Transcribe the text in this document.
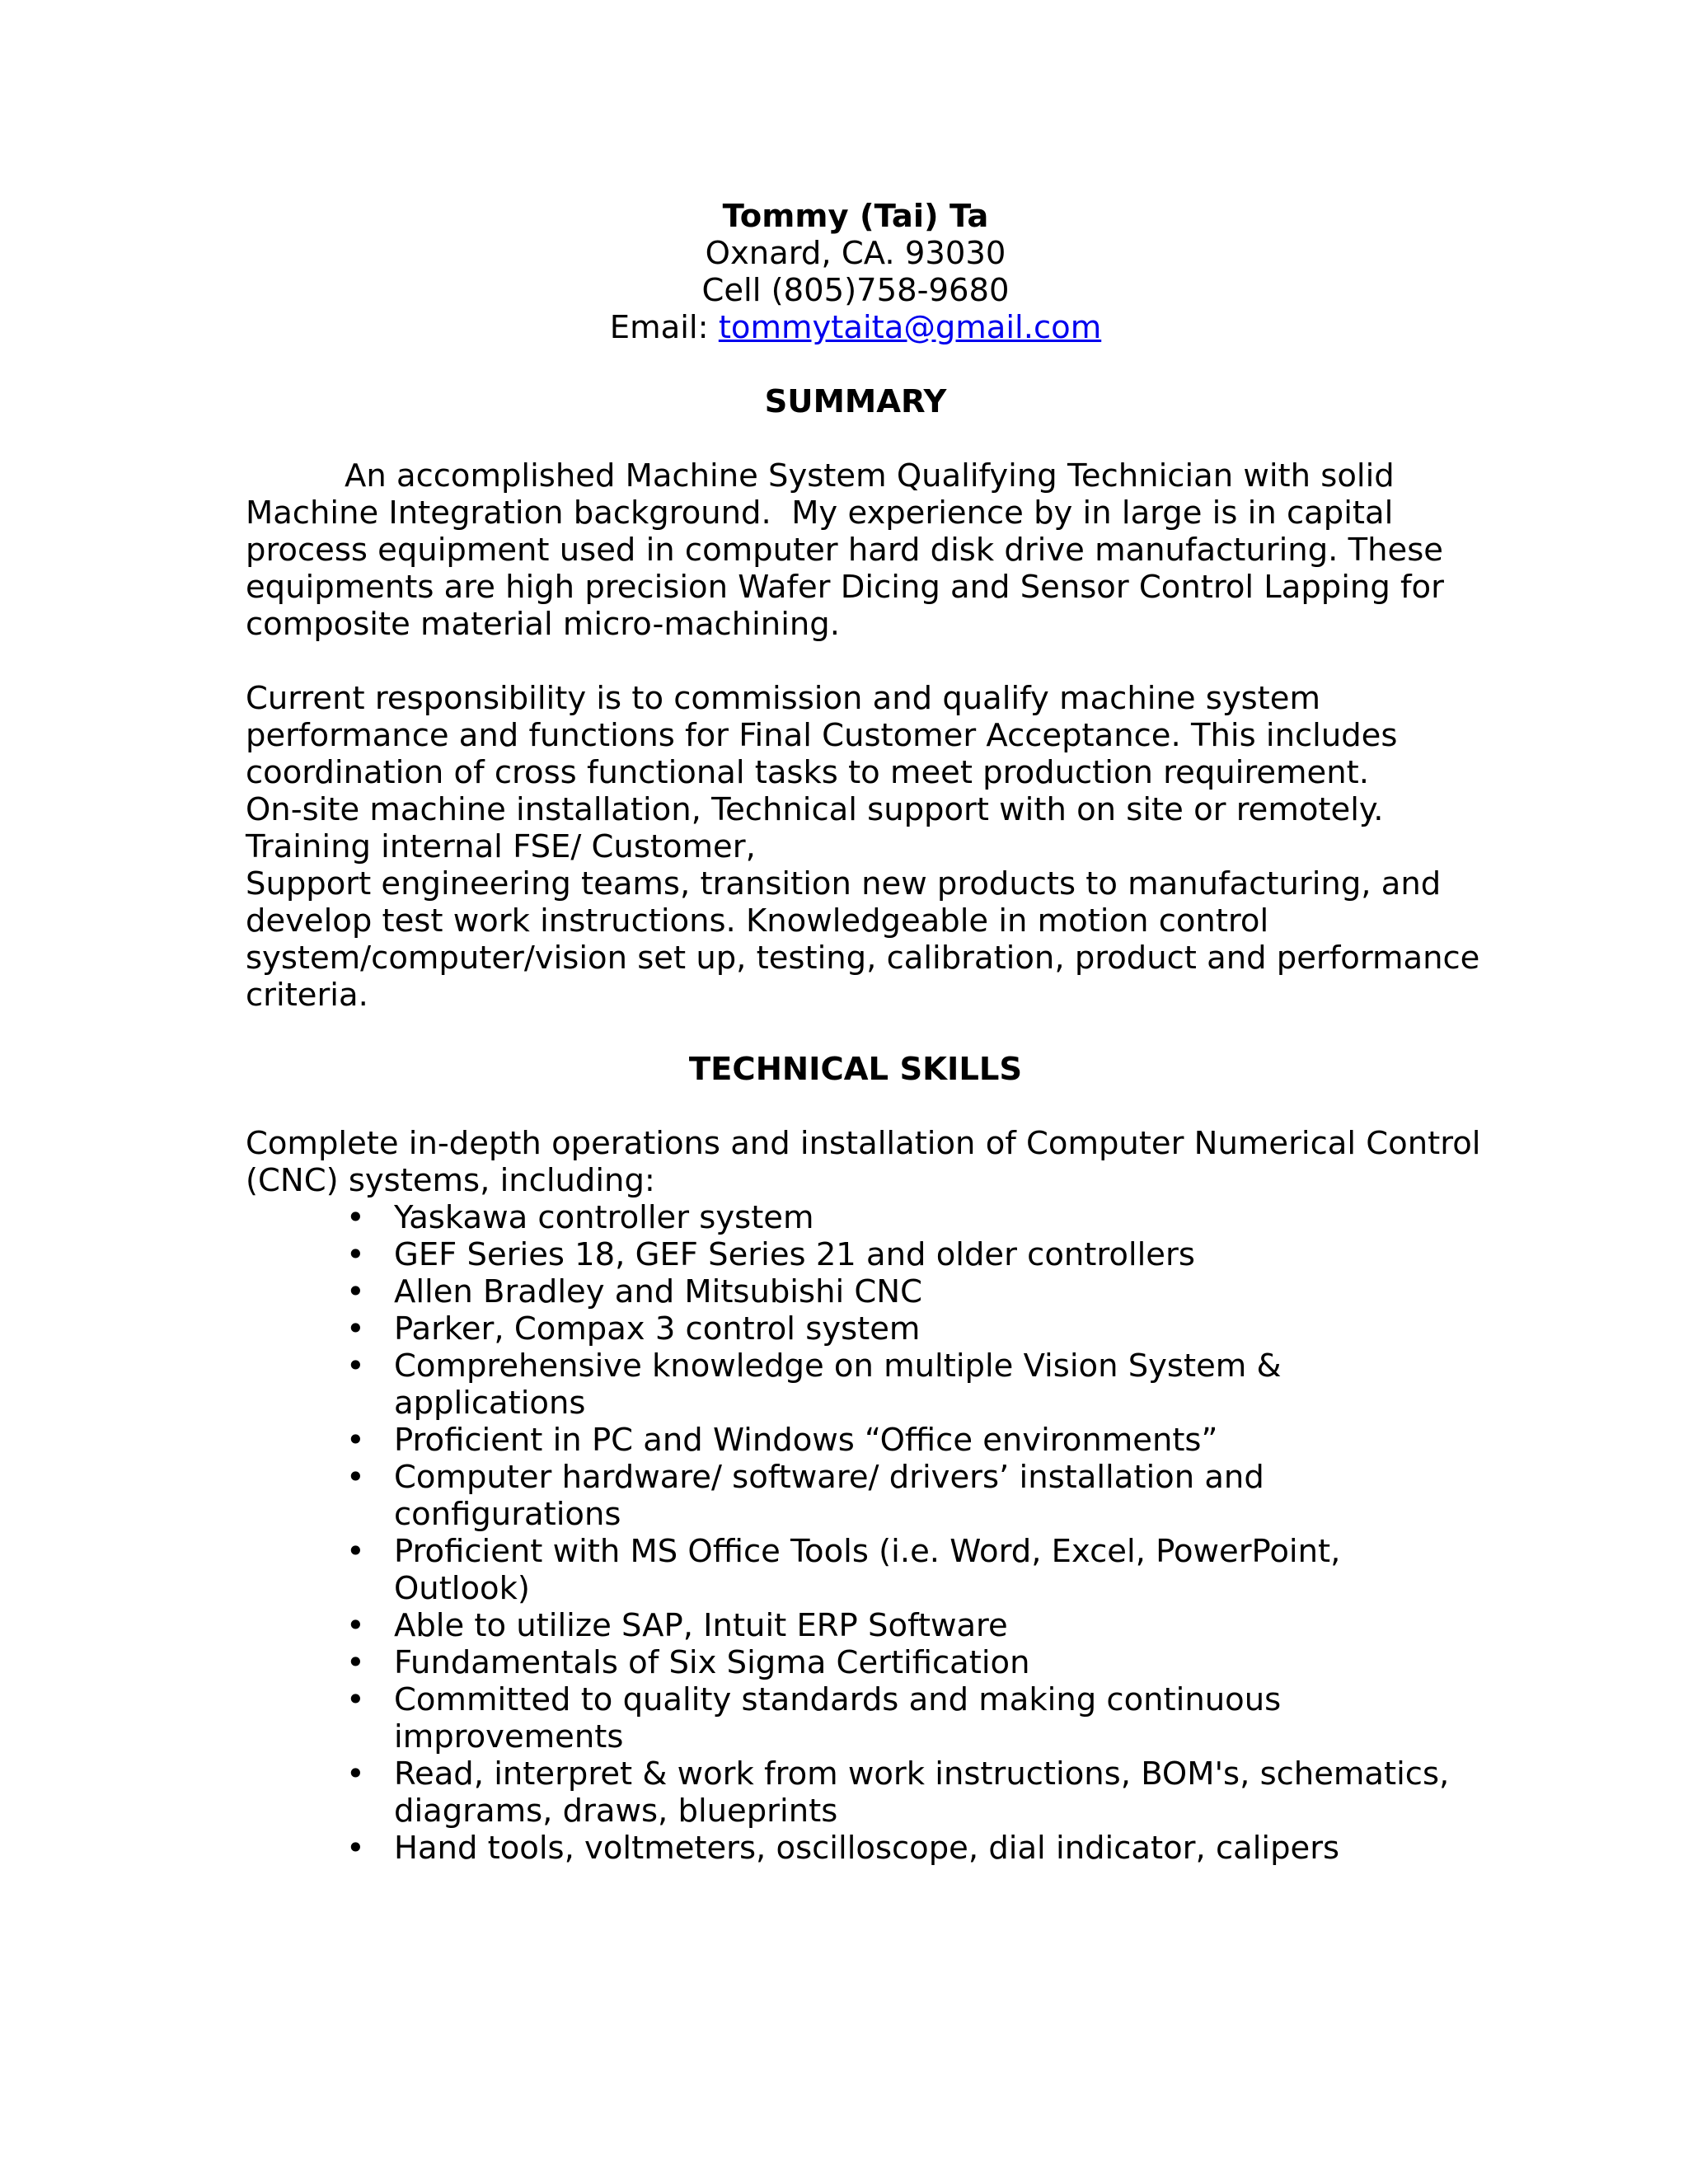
Tommy (Tai) Ta
Oxnard, CA. 93030
Cell (805)758-9680
Email: tommytaita@gmail.com
SUMMARY
An accomplished Machine System Qualifying Technician with solid
Machine Integration background.  My experience by in large is in capital
process equipment used in computer hard disk drive manufacturing. These
equipments are high precision Wafer Dicing and Sensor Control Lapping for
composite material micro-machining.
Current responsibility is to commission and qualify machine system
performance and functions for Final Customer Acceptance. This includes
coordination of cross functional tasks to meet production requirement.
On-site machine installation, Technical support with on site or remotely.
Training internal FSE/ Customer,
Support engineering teams, transition new products to manufacturing, and
develop test work instructions. Knowledgeable in motion control
system/computer/vision set up, testing, calibration, product and performance
criteria.
TECHNICAL SKILLS
Complete in-depth operations and installation of Computer Numerical Control
(CNC) systems, including:
• Yaskawa controller system
• GEF Series 18, GEF Series 21 and older controllers
• Allen Bradley and Mitsubishi CNC
• Parker, Compax 3 control system
• Comprehensive knowledge on multiple Vision System & applications
• Proficient in PC and Windows “Office environments”
• Computer hardware/ software/ drivers’ installation and
configurations
• Proficient with MS Office Tools (i.e. Word, Excel, PowerPoint,
Outlook)
• Able to utilize SAP, Intuit ERP Software
• Fundamentals of Six Sigma Certification
• Committed to quality standards and making continuous
improvements
• Read, interpret & work from work instructions, BOM's, schematics,
diagrams, draws, blueprints
• Hand tools, voltmeters, oscilloscope, dial indicator, calipers
